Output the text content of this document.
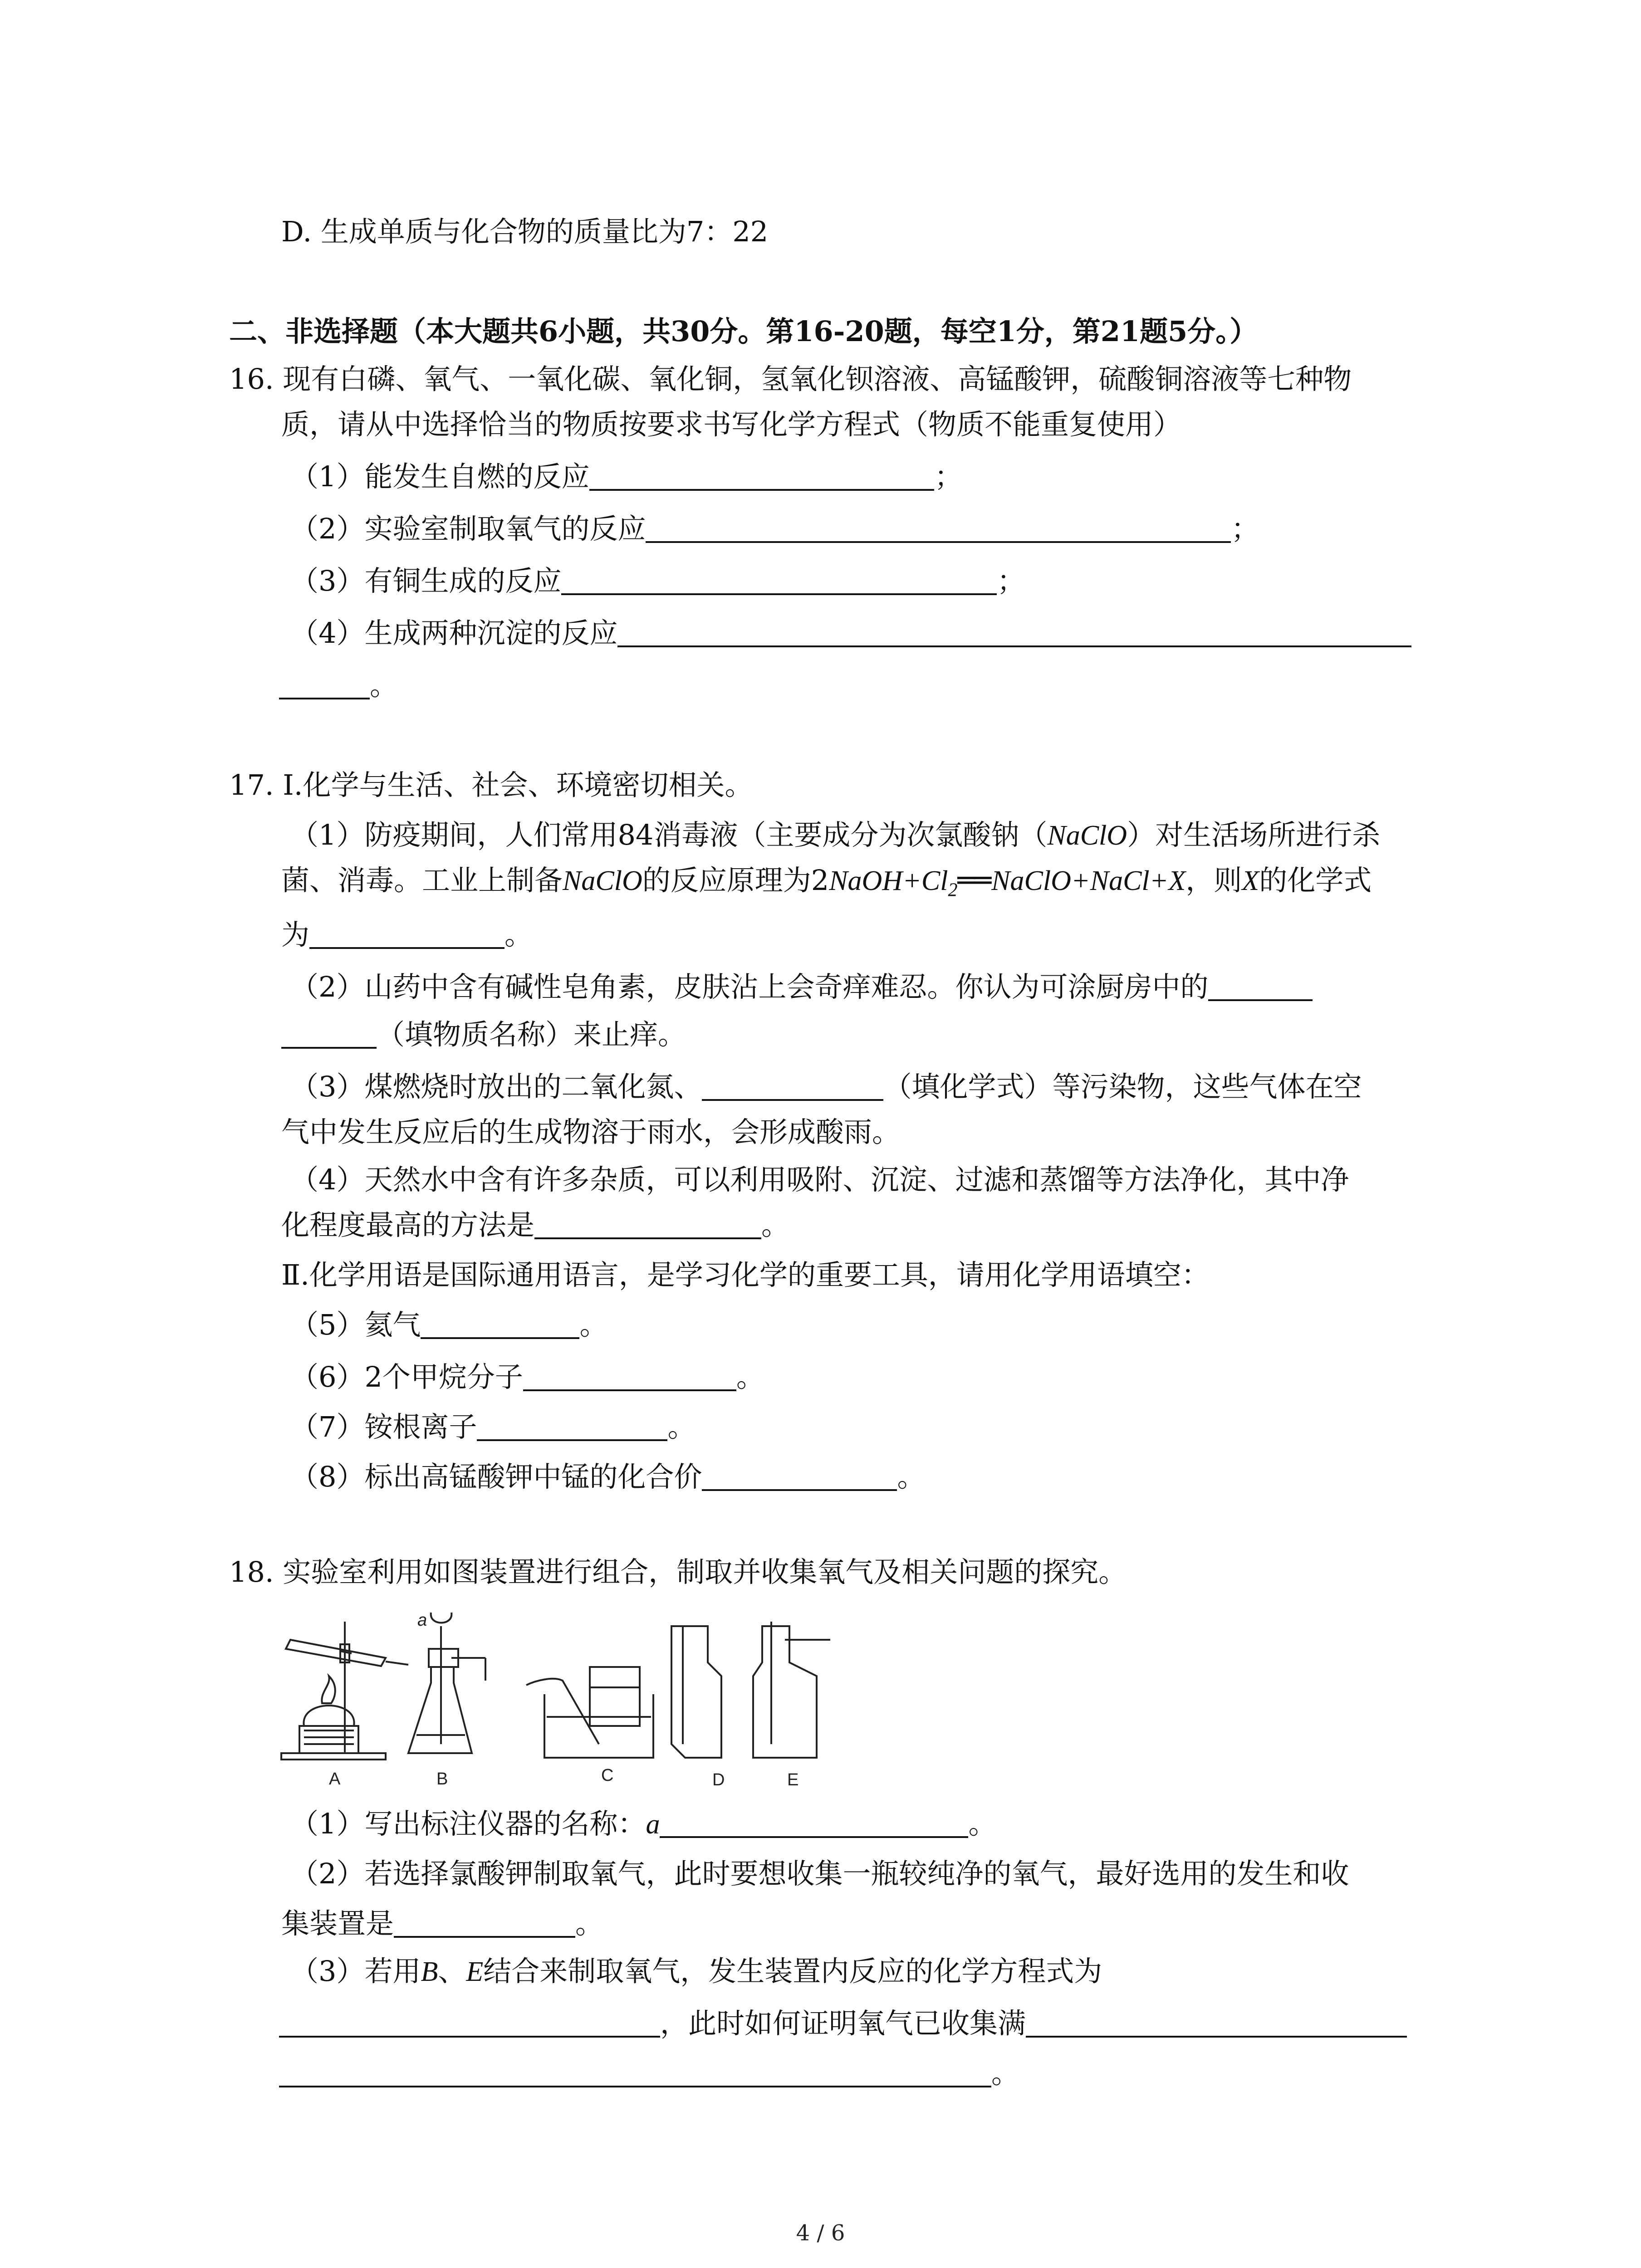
D. 生成单质与化合物的质量比为7：22
二、非选择题（本大题共6小题，共30分。第16-20题，每空1分，第21题5分。）
16. 现有白磷、氧气、一氧化碳、氧化铜，氢氧化钡溶液、高锰酸钾，硫酸铜溶液等七种物
质，请从中选择恰当的物质按要求书写化学方程式（物质不能重复使用）
（1）能发生自燃的反应	；
（2）实验室制取氧气的反应	；
（3）有铜生成的反应	；
（4）生成两种沉淀的反应
。
17. Ⅰ.化学与生活、社会、环境密切相关。
（1）防疫期间，人们常用84消毒液（主要成分为次氯酸钠（NaClO）对生活场所进行杀
菌、消毒。工业上制备NaClO的反应原理为$2NaOH+Cl_2══NaClO+NaCl+X$，则X的化学式
为	。
（2）山药中含有碱性皂角素，皮肤沾上会奇痒难忍。你认为可涂厨房中的
（填物质名称）来止痒。
（3）煤燃烧时放出的二氧化氮、	（填化学式）等污染物，这些气体在空
气中发生反应后的生成物溶于雨水，会形成酸雨。
（4）天然水中含有许多杂质，可以利用吸附、沉淀、过滤和蒸馏等方法净化，其中净
化程度最高的方法是	。
Ⅱ.化学用语是国际通用语言，是学习化学的重要工具，请用化学用语填空：
（5）氦气	。
（6）2个甲烷分子	。
（7）铵根离子	。
（8）标出高锰酸钾中锰的化合价	。
18. 实验室利用如图装置进行组合，制取并收集氧气及相关问题的探究。
a
A	B	C	D	E
（1）写出标注仪器的名称：a	。
（2）若选择氯酸钾制取氧气，此时要想收集一瓶较纯净的氧气，最好选用的发生和收
集装置是	。
（3）若用B、E结合来制取氧气，发生装置内反应的化学方程式为
，此时如何证明氧气已收集满
。
4 / 6
